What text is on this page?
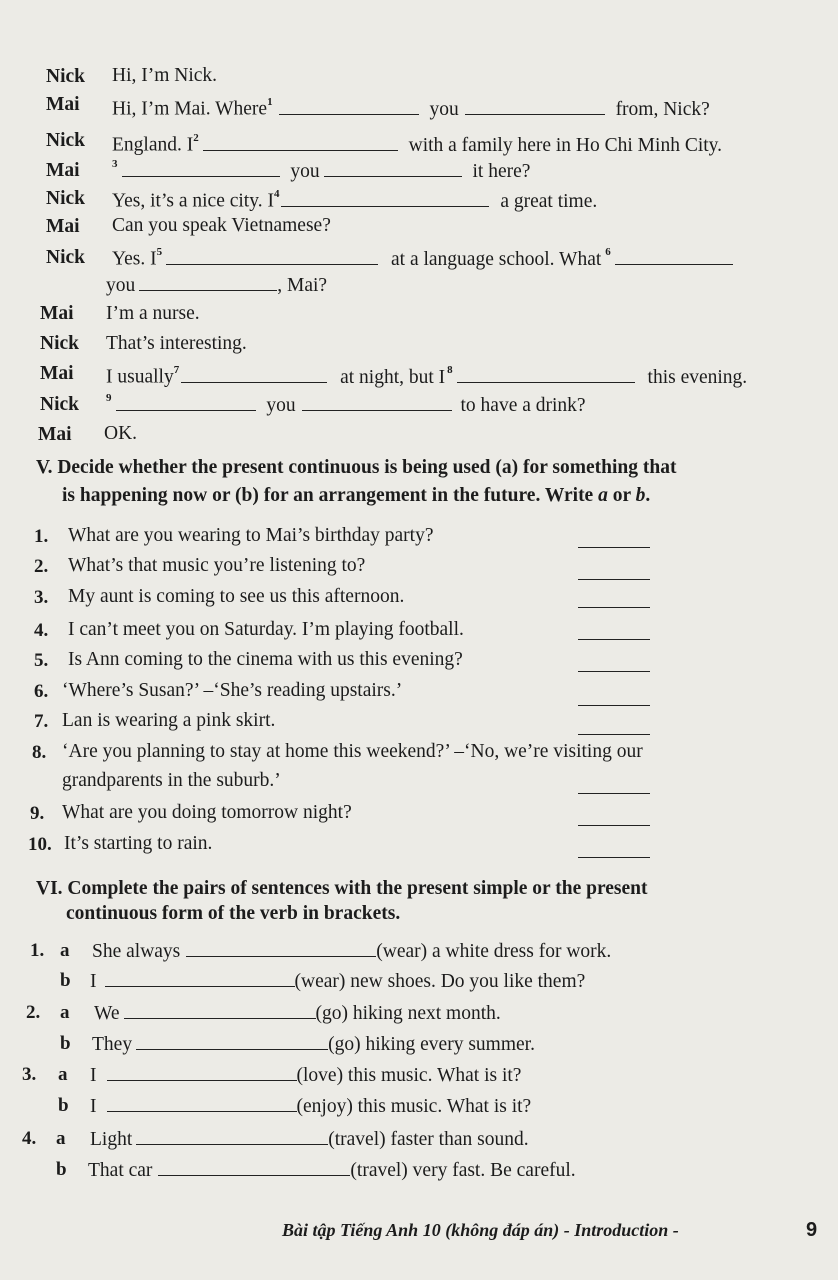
Nick Hi, I’m Nick.
Mai Hi, I’m Mai. Where$^1$	you	from, Nick?
Nick England. $I^2$	with a family here in Ho Chi Minh City.
Mai	$^3$	you	it here?
Nick Yes, it’s a nice city. $I^4$	a great time.
Mai Can you speak Vietnamese?
Nick Yes. $I^5$	at a language school. What $^6$
you	, Mai?
Mai I’m a nurse.
Nick That’s interesting.
Mai I usually$^7$	at night, but I $^8$	this evening.
Nick $^9$	you	to have a drink?
Mai OK.
V. Decide whether the present continuous is being used (a) for something that
is happening now or (b) for an arrangement in the future. Write a or b.
1. What are you wearing to Mai’s birthday party?
2. What’s that music you’re listening to?
3. My aunt is coming to see us this afternoon.
4. I can’t meet you on Saturday. I’m playing football.
5. Is Ann coming to the cinema with us this evening?
6. ‘Where’s Susan?’ –‘She’s reading upstairs.’
7. Lan is wearing a pink skirt.
8. ‘Are you planning to stay at home this weekend?’ –‘No, we’re visiting our
grandparents in the suburb.’
9. What are you doing tomorrow night?
10. It’s starting to rain.
VI. Complete the pairs of sentences with the present simple or the present
continuous form of the verb in brackets.
1. a She always	(wear) a white dress for work.
b I	(wear) new shoes. Do you like them?
2. a We	(go) hiking next month.
b They	(go) hiking every summer.
3. a I	(love) this music. What is it?
b I	(enjoy) this music. What is it?
4. a Light	(travel) faster than sound.
b That car	(travel) very fast. Be careful.
Bài tập Tiếng Anh 10 (không đáp án) - Introduction -	9
